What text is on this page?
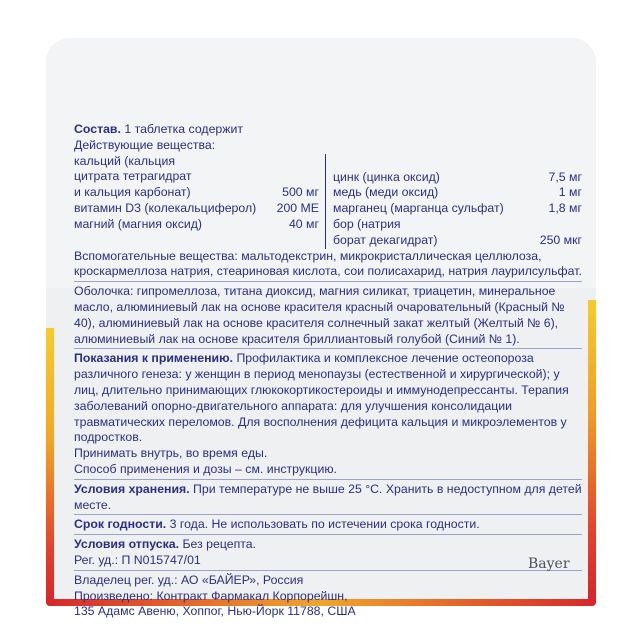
Состав. 1 таблетка содержит

Действующие вещества:

кальций (кальция
цитрата тетрагидрат
и кальция карбонат)	500 мг
витамин D3 (колекальциферол) 200 МЕ
магний (магния оксид)	40 мг
цинк (цинка оксид)	7,5 мг
медь (меди оксид)	1 мг
марганец (марганца сульфат)	1,8 мг
бор (натрия
борат декагидрат)	250 мкг

Вспомогательные вещества: мальтодекстрин, микрокристаллическая целлюлоза, кроскармеллоза натрия, стеариновая кислота, сои полисахарид, натрия лаурилсульфат.

Оболочка: гипромеллоза, титана диоксид, магния силикат, триацетин, минеральное масло, алюминиевый лак на основе красителя красный очаровательный (Красный № 40), алюминиевый лак на основе красителя солнечный закат желтый (Желтый № 6), алюминиевый лак на основе красителя бриллиантовый голубой (Синий № 1).

Показания к применению. Профилактика и комплексное лечение остеопороза различного генеза: у женщин в период менопаузы (естественной и хирургической); у лиц, длительно принимающих глюкокортикостероиды и иммунодепрессанты. Терапия заболеваний опорно-двигательного аппарата: для улучшения консолидации травматических переломов. Для восполнения дефицита кальция и микроэлементов у подростков.

Принимать внутрь, во время еды.

Способ применения и дозы – см. инструкцию.

Условия хранения. При температуре не выше 25 °C. Хранить в недоступном для детей месте.

Срок годности. 3 года. Не использовать по истечении срока годности.

Условия отпуска. Без рецепта.

Рег. уд.: П N015747/01

Владелец рег. уд.: АО «БАЙЕР», Россия

Произведено: Контракт Фармакал Корпорейшн,

135 Адамс Авеню, Хоппог, Нью-Йорк 11788, США

Bayer
